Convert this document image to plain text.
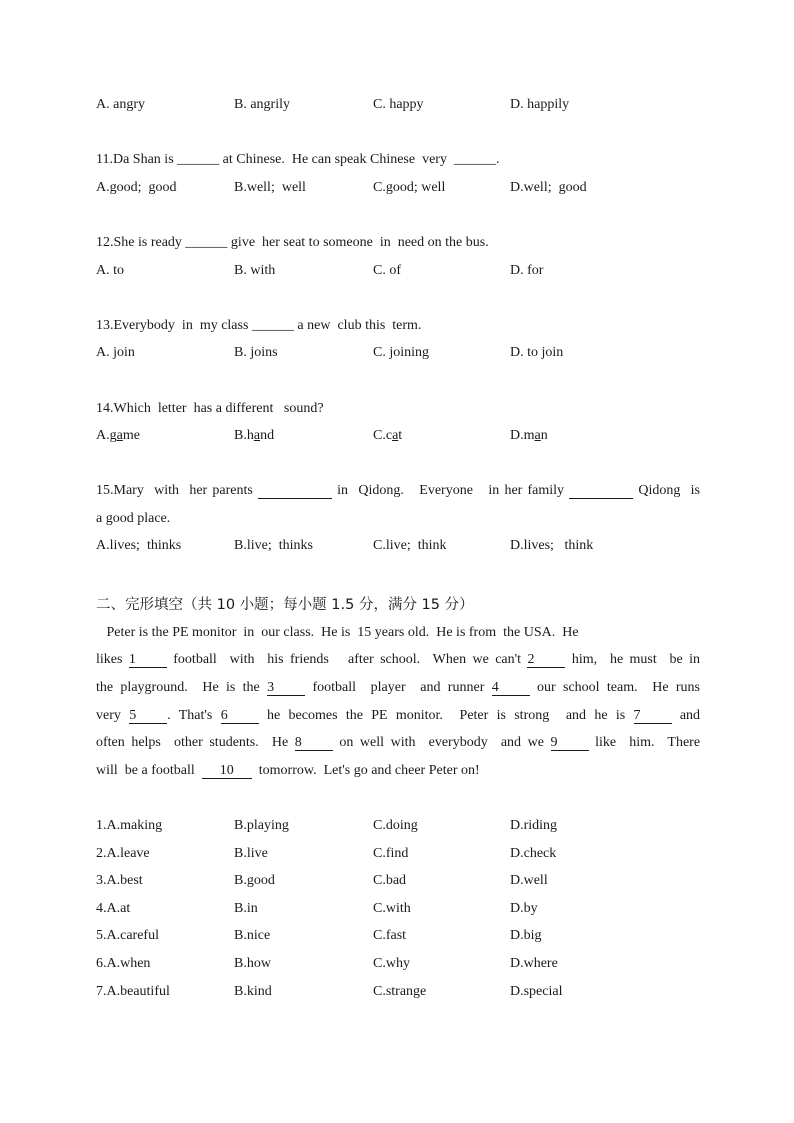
A. angry	B. angrily	C. happy	D. happily
11.Da Shan is ______ at Chinese.  He can speak Chinese  very  ______.
A.good;  good	B.well;  well	C.good; well	D.well;  good
12.She is ready ______ give  her seat to someone  in  need on the bus.
A. to	B. with	C. of	D. for
13.Everybody  in  my class ______ a new  club this  term.
A. join	B. joins	C. joining	D. to join
14.Which  letter  has a different   sound?
A.game	B.hand	C.cat	D.man
15.Mary  with  her parents	in  Qidong.   Everyone   in her family	Qidong  is
a good place.
A.lives;  thinks	B.live;  thinks	C.live;  think	D.lives;   think
二、完形填空（共 10 小题；每小题 1.5 分，满分 15 分）
Peter is the PE monitor  in  our class.  He is  15 years old.  He is from  the USA.  He
likes 1	football  with  his friends   after school.  When we can't 2	him,  he must  be in
the playground.  He is the 3	football  player  and runner 4	our school team.  He runs
very 5 . That's 6	he becomes the PE monitor.  Peter is strong  and he is 7	and
often helps  other students.  He 8	on well with  everybody  and we 9	like  him.  There
will  be a football 10 tomorrow.  Let's go and cheer Peter on!
1.A.making	B.playing	C.doing	D.riding
2.A.leave	B.live	C.find	D.check
3.A.best	B.good	C.bad	D.well
4.A.at	B.in	C.with	D.by
5.A.careful	B.nice	C.fast	D.big
6.A.when	B.how	C.why	D.where
7.A.beautiful	B.kind	C.strange	D.special
